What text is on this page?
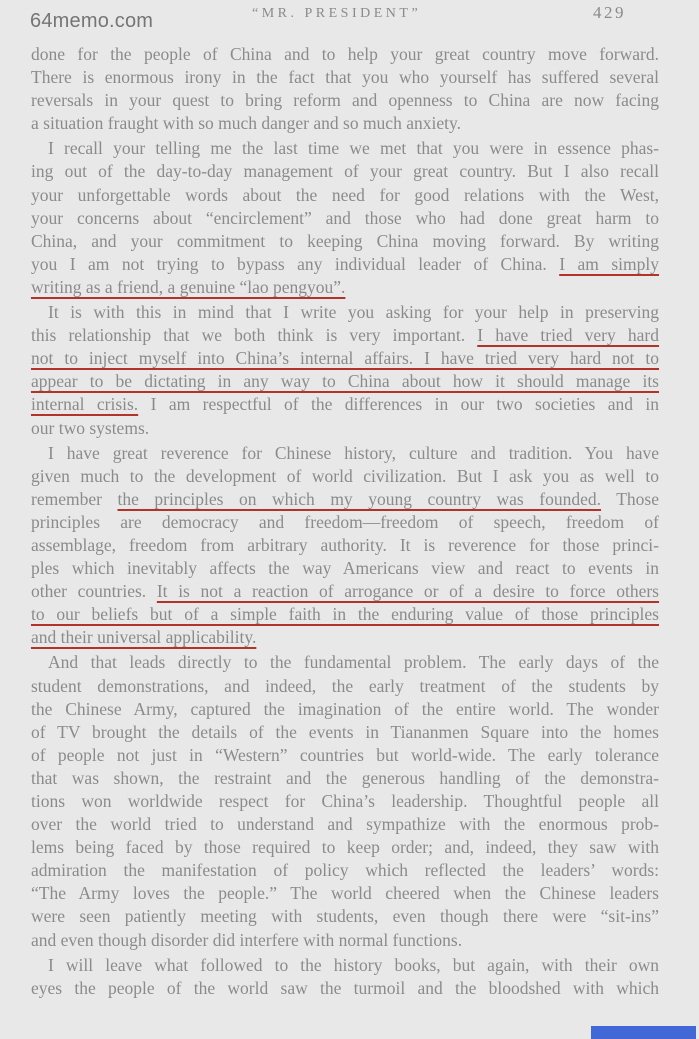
64memo.com	“MR. PRESIDENT”	429
done for the people of China and to help your great country move forward.
There is enormous irony in the fact that you who yourself has suffered several
reversals in your quest to bring reform and openness to China are now facing
a situation fraught with so much danger and so much anxiety.
I recall your telling me the last time we met that you were in essence phas-
ing out of the day-to-day management of your great country. But I also recall
your unforgettable words about the need for good relations with the West,
your concerns about “encirclement” and those who had done great harm to
China, and your commitment to keeping China moving forward. By writing
you I am not trying to bypass any individual leader of China. I am simply
writing as a friend, a genuine “lao pengyou”.
It is with this in mind that I write you asking for your help in preserving
this relationship that we both think is very important. I have tried very hard
not to inject myself into China’s internal affairs. I have tried very hard not to
appear to be dictating in any way to China about how it should manage its
internal crisis. I am respectful of the differences in our two societies and in
our two systems.
I have great reverence for Chinese history, culture and tradition. You have
given much to the development of world civilization. But I ask you as well to
remember the principles on which my young country was founded. Those
principles are democracy and freedom—freedom of speech, freedom of
assemblage, freedom from arbitrary authority. It is reverence for those princi-
ples which inevitably affects the way Americans view and react to events in
other countries. It is not a reaction of arrogance or of a desire to force others
to our beliefs but of a simple faith in the enduring value of those principles
and their universal applicability.
And that leads directly to the fundamental problem. The early days of the
student demonstrations, and indeed, the early treatment of the students by
the Chinese Army, captured the imagination of the entire world. The wonder
of TV brought the details of the events in Tiananmen Square into the homes
of people not just in “Western” countries but world-wide. The early tolerance
that was shown, the restraint and the generous handling of the demonstra-
tions won worldwide respect for China’s leadership. Thoughtful people all
over the world tried to understand and sympathize with the enormous prob-
lems being faced by those required to keep order; and, indeed, they saw with
admiration the manifestation of policy which reflected the leaders’ words:
“The Army loves the people.” The world cheered when the Chinese leaders
were seen patiently meeting with students, even though there were “sit-ins”
and even though disorder did interfere with normal functions.
I will leave what followed to the history books, but again, with their own
eyes the people of the world saw the turmoil and the bloodshed with which
